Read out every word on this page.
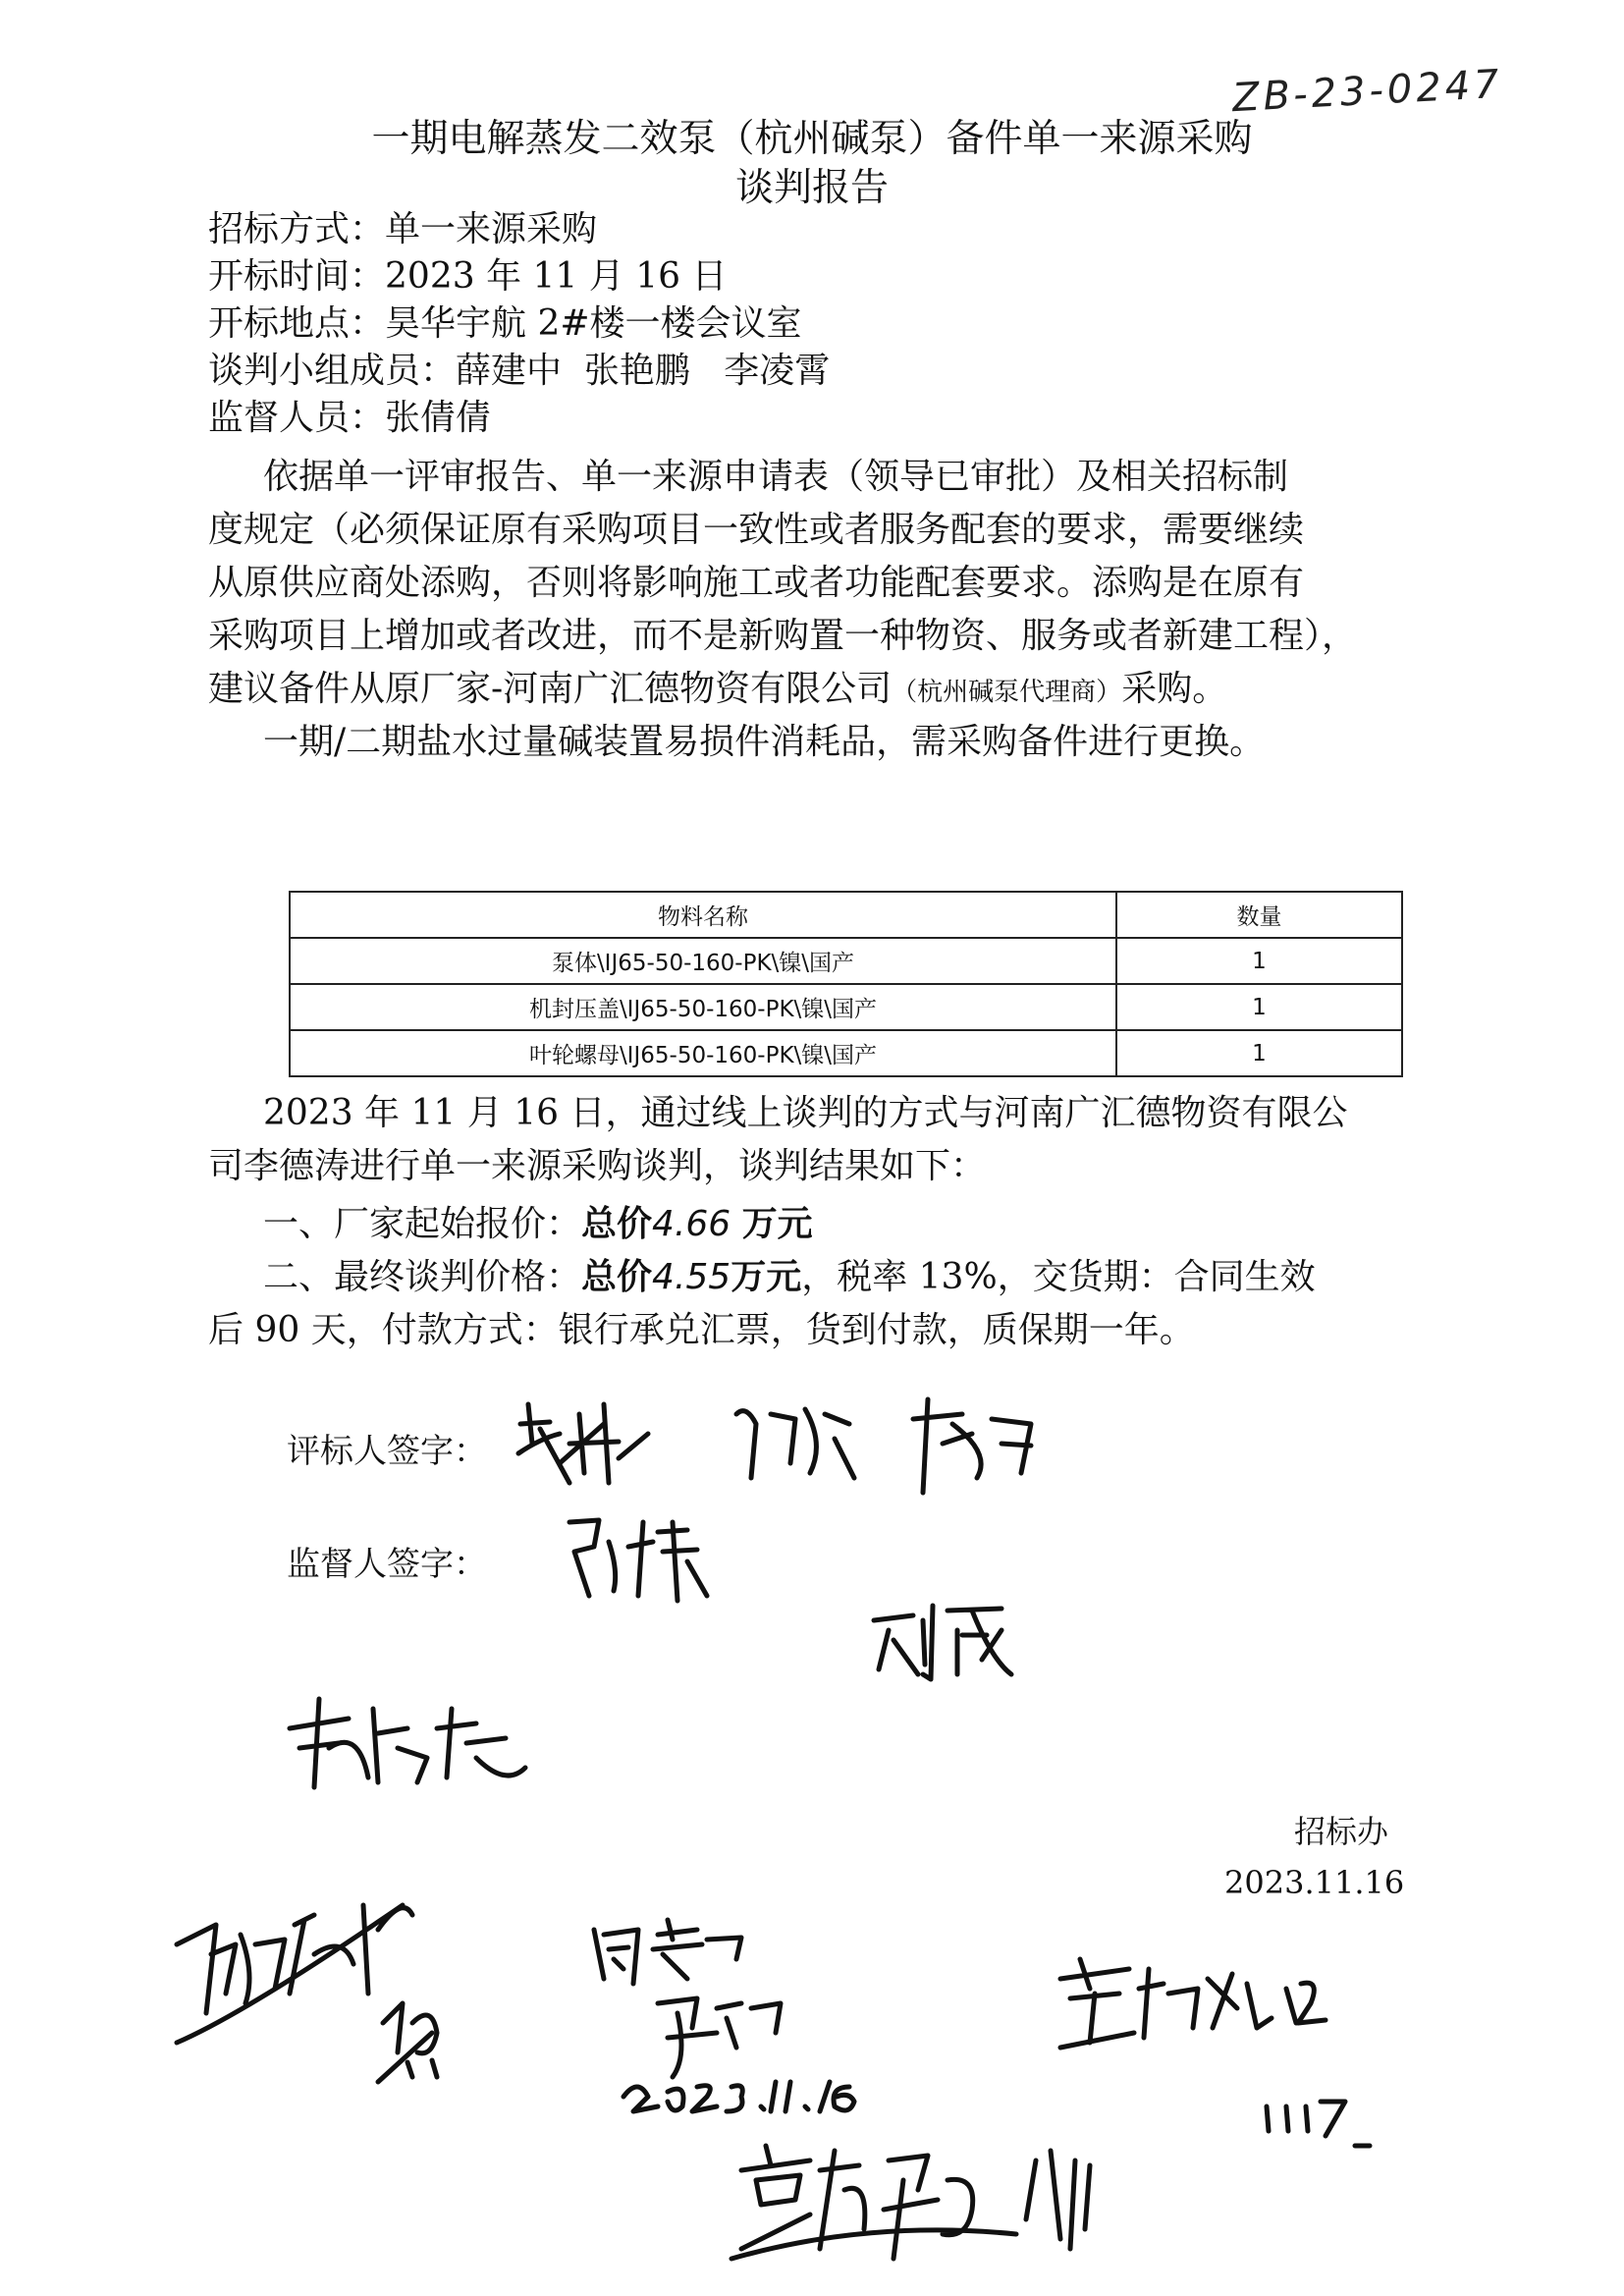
ZB-23-0247
一期电解蒸发二效泵（杭州碱泵）备件单一来源采购
谈判报告
招标方式：单一来源采购
开标时间：2023 年 11 月 16 日
开标地点：昊华宇航 2#楼一楼会议室
谈判小组成员：薛建中  张艳鹏   李凌霄
监督人员：张倩倩
依据单一评审报告、单一来源申请表（领导已审批）及相关招标制
度规定（必须保证原有采购项目一致性或者服务配套的要求，需要继续
从原供应商处添购，否则将影响施工或者功能配套要求。添购是在原有
采购项目上增加或者改进，而不是新购置一种物资、服务或者新建工程），
建议备件从原厂家-河南广汇德物资有限公司（杭州碱泵代理商）采购。
一期/二期盐水过量碱装置易损件消耗品，需采购备件进行更换。
物料名称	数量
泵体\IJ65-50-160-PK\镍\国产	1
机封压盖\IJ65-50-160-PK\镍\国产	1
叶轮螺母\IJ65-50-160-PK\镍\国产	1
2023 年 11 月 16 日，通过线上谈判的方式与河南广汇德物资有限公
司李德涛进行单一来源采购谈判，谈判结果如下：
一、厂家起始报价：总价4.66 万元
二、最终谈判价格：总价4.55万元，税率 13%，交货期：合同生效
后 90 天，付款方式：银行承兑汇票，货到付款，质保期一年。
评标人签字：
监督人签字：
招标办
2023.11.16
